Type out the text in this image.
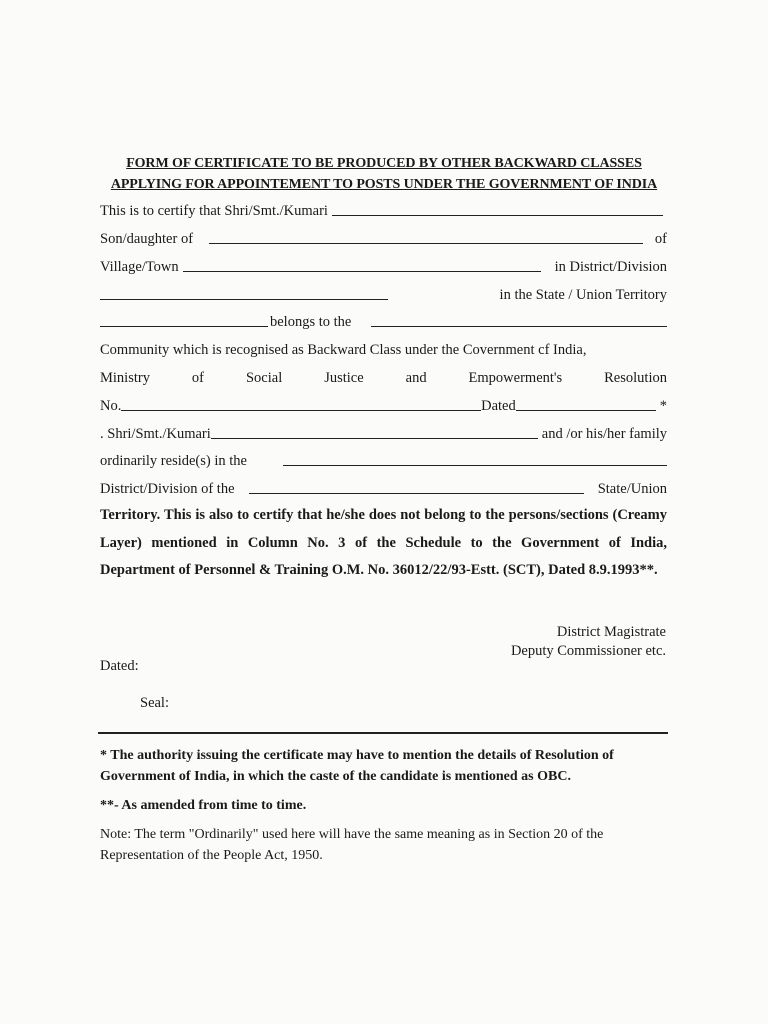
FORM OF CERTIFICATE TO BE PRODUCED BY OTHER BACKWARD CLASSES
APPLYING FOR APPOINTEMENT TO POSTS UNDER THE GOVERNMENT OF INDIA
This is to certify that Shri/Smt./Kumari
Son/daughter of	of
Village/Town	in District/Division
in the State / Union Territory
belongs to the
Community which is recognised as Backward Class under the Covernment cf India,
Ministry	of	Social	Justice	and	Empowerment's	Resolution
No.	Dated	*
. Shri/Smt./Kumari	and /or his/her family
ordinarily reside(s) in the
District/Division of the	State/Union
Territory. This is also to certify that he/she does not belong to the persons/sections (Creamy Layer) mentioned in Column No. 3 of the Schedule to the Government of India, Department of Personnel & Training O.M. No. 36012/22/93-Estt. (SCT), Dated 8.9.1993**.
District Magistrate
Deputy Commissioner etc.
Dated:
Seal:
* The authority issuing the certificate may have to mention the details of Resolution of Government of India, in which the caste of the candidate is mentioned as OBC.
**- As amended from time to time.
Note: The term "Ordinarily" used here will have the same meaning as in Section 20 of the Representation of the People Act, 1950.
